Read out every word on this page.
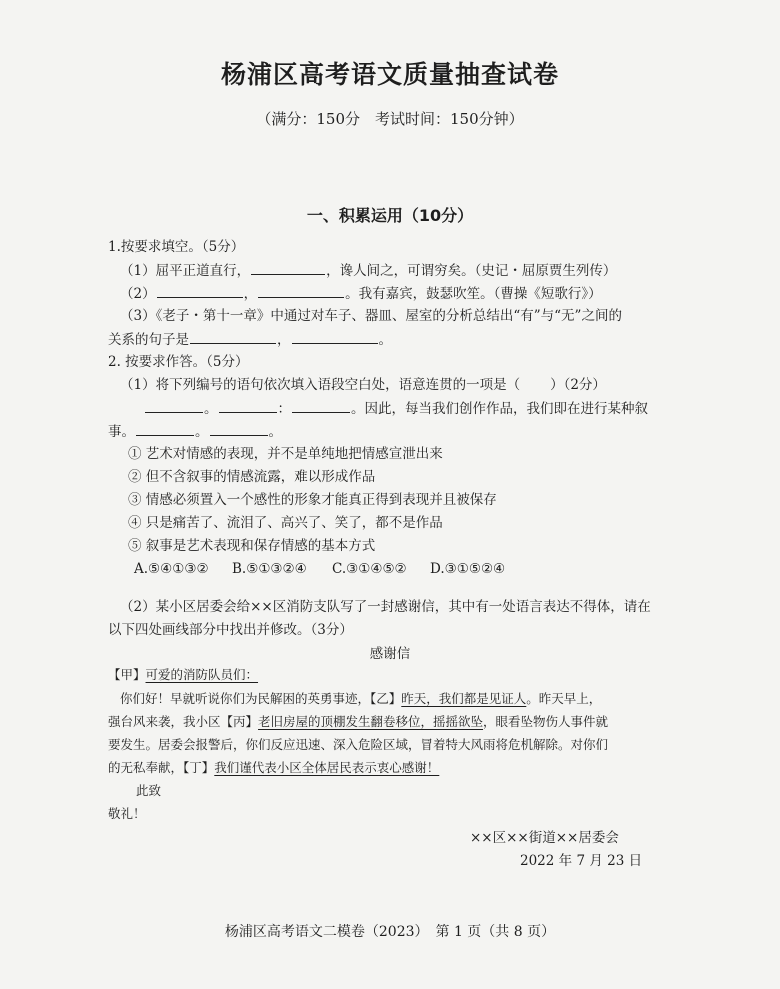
杨浦区高考语文质量抽查试卷
（满分：150分　考试时间：150分钟）
一、积累运用（10分）
1.按要求填空。（5分）
（1）屈平正道直行，	，谗人间之，可谓穷矣。（史记・屈原贾生列传）
（2）	，	。我有嘉宾，鼓瑟吹笙。（曹操《短歌行》）
（3）《老子・第十一章》中通过对车子、器皿、屋室的分析总结出“有”与“无”之间的
关系的句子是	，	。
2. 按要求作答。（5分）
（1）将下列编号的语句依次填入语段空白处，语意连贯的一项是（ ）（2分）
。	：	。因此，每当我们创作作品，我们即在进行某种叙
事。	。	。
① 艺术对情感的表现，并不是单纯地把情感宣泄出来
② 但不含叙事的情感流露，难以形成作品
③ 情感必须置入一个感性的形象才能真正得到表现并且被保存
④ 只是痛苦了、流泪了、高兴了、笑了，都不是作品
⑤ 叙事是艺术表现和保存情感的基本方式
A.⑤④①③② B.⑤①③②④ C.③①④⑤② D.③①⑤②④
（2）某小区居委会给××区消防支队写了一封感谢信，其中有一处语言表达不得体，请在
以下四处画线部分中找出并修改。（3分）
感谢信
【甲】可爱的消防队员们：
你们好！早就听说你们为民解困的英勇事迹，【乙】昨天，我们都是见证人。昨天早上，
强台风来袭，我小区【丙】老旧房屋的顶棚发生翻卷移位，摇摇欲坠，眼看坠物伤人事件就
要发生。居委会报警后，你们反应迅速、深入危险区域，冒着特大风雨将危机解除。对你们
的无私奉献，【丁】我们谨代表小区全体居民表示衷心感谢！
此致
敬礼！
××区××街道××居委会
2022 年 7 月 23 日
杨浦区高考语文二模卷（2023）　第 1 页（共 8 页）
